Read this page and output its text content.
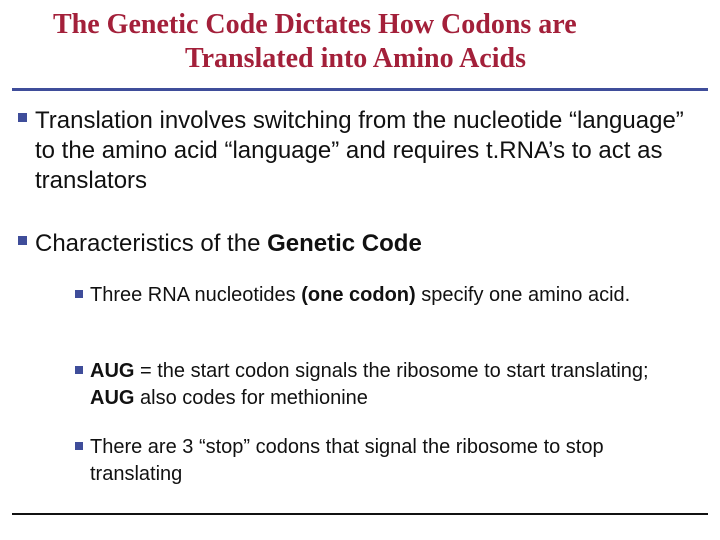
The Genetic Code Dictates How Codons are
Translated into Amino Acids
Translation involves switching from the nucleotide “language” to the amino acid “language” and requires t.RNA’s to act as translators
Characteristics of the Genetic Code
Three RNA nucleotides (one codon) specify one amino acid.
AUG = the start codon signals the ribosome to start translating; AUG also codes for methionine
There are 3 “stop” codons that signal the ribosome to stop translating
